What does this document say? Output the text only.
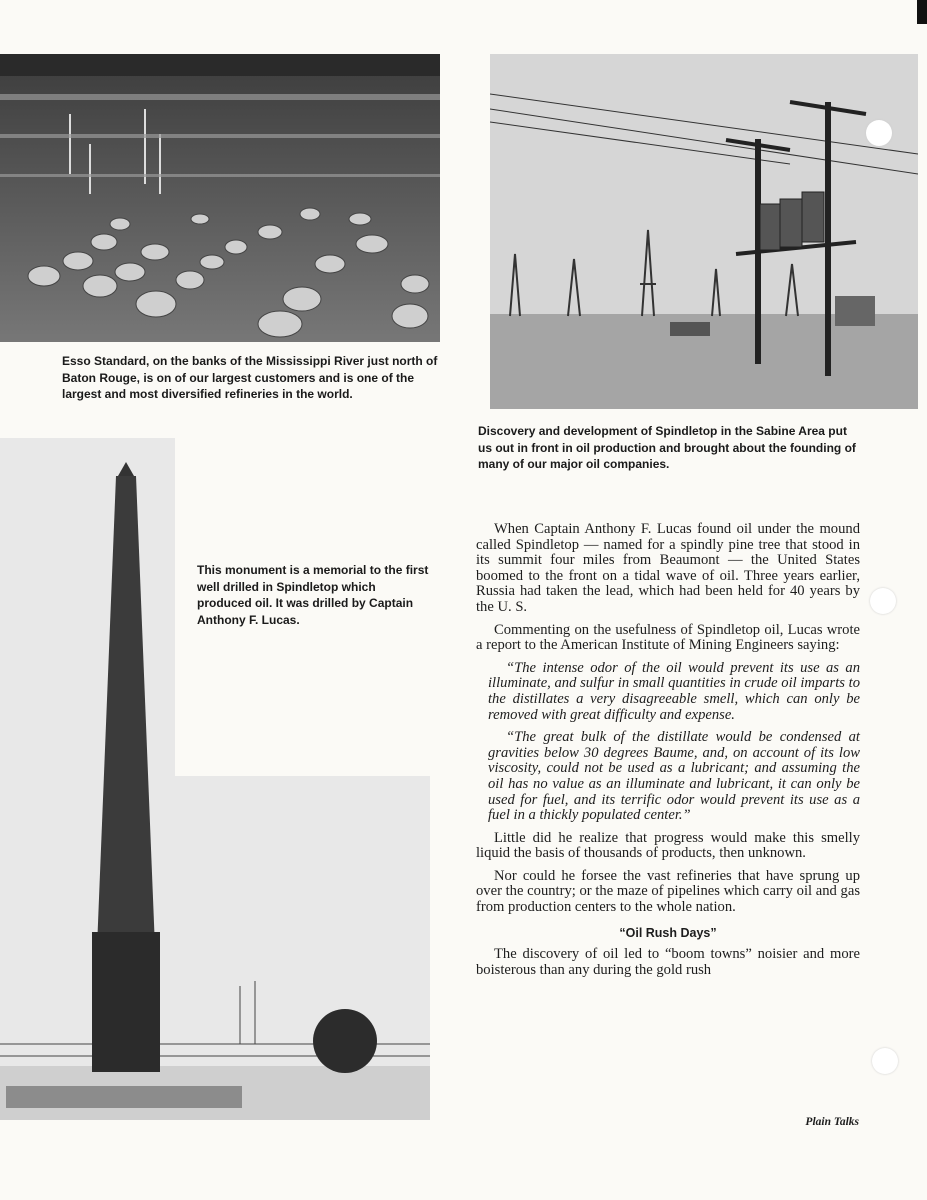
Esso Standard, on the banks of the Mississippi River just north of Baton Rouge, is on of our largest customers and is one of the largest and most diversified refineries in the world.
Discovery and development of Spindletop in the Sabine Area put us out in front in oil production and brought about the founding of many of our major oil companies.
This monument is a memorial to the first well drilled in Spindletop which produced oil. It was drilled by Captain Anthony F. Lucas.

When Captain Anthony F. Lucas found oil under the mound called Spindletop — named for a spindly pine tree that stood in its summit four miles from Beaumont — the United States boomed to the front on a tidal wave of oil. Three years earlier, Russia had taken the lead, which had been held for 40 years by the U. S.

Commenting on the usefulness of Spindletop oil, Lucas wrote a report to the American Institute of Mining Engineers saying:

“The intense odor of the oil would prevent its use as an illuminate, and sulfur in small quantities in crude oil imparts to the distillates a very disagreeable smell, which can only be removed with great difficulty and expense.

“The great bulk of the distillate would be condensed at gravities below 30 degrees Baume, and, on account of its low viscosity, could not be used as a lubricant; and assuming the oil has no value as an illuminate and lubricant, it can only be used for fuel, and its terrific odor would prevent its use as a fuel in a thickly populated center.”

Little did he realize that progress would make this smelly liquid the basis of thousands of products, then unknown.

Nor could he forsee the vast refineries that have sprung up over the country; or the maze of pipelines which carry oil and gas from production centers to the whole nation.

“Oil Rush Days”

The discovery of oil led to “boom towns” noisier and more boisterous than any during the gold rush

Plain Talks
